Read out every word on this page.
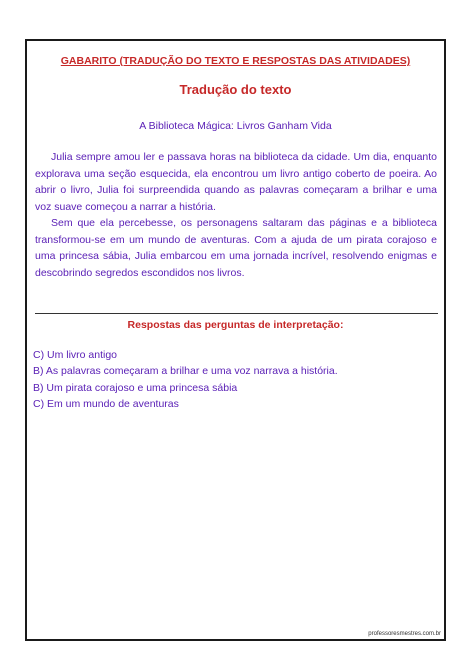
GABARITO (TRADUÇÃO DO TEXTO E RESPOSTAS DAS ATIVIDADES)
Tradução do texto
A Biblioteca Mágica: Livros Ganham Vida

Julia sempre amou ler e passava horas na biblioteca da cidade. Um dia, enquanto explorava uma seção esquecida, ela encontrou um livro antigo coberto de poeira. Ao abrir o livro, Julia foi surpreendida quando as palavras começaram a brilhar e uma voz suave começou a narrar a história.

Sem que ela percebesse, os personagens saltaram das páginas e a biblioteca transformou-se em um mundo de aventuras. Com a ajuda de um pirata corajoso e uma princesa sábia, Julia embarcou em uma jornada incrível, resolvendo enigmas e descobrindo segredos escondidos nos livros.

Respostas das perguntas de interpretação:
C) Um livro antigo
B) As palavras começaram a brilhar e uma voz narrava a história.
B) Um pirata corajoso e uma princesa sábia
C) Em um mundo de aventuras
professoresmestres.com.br
